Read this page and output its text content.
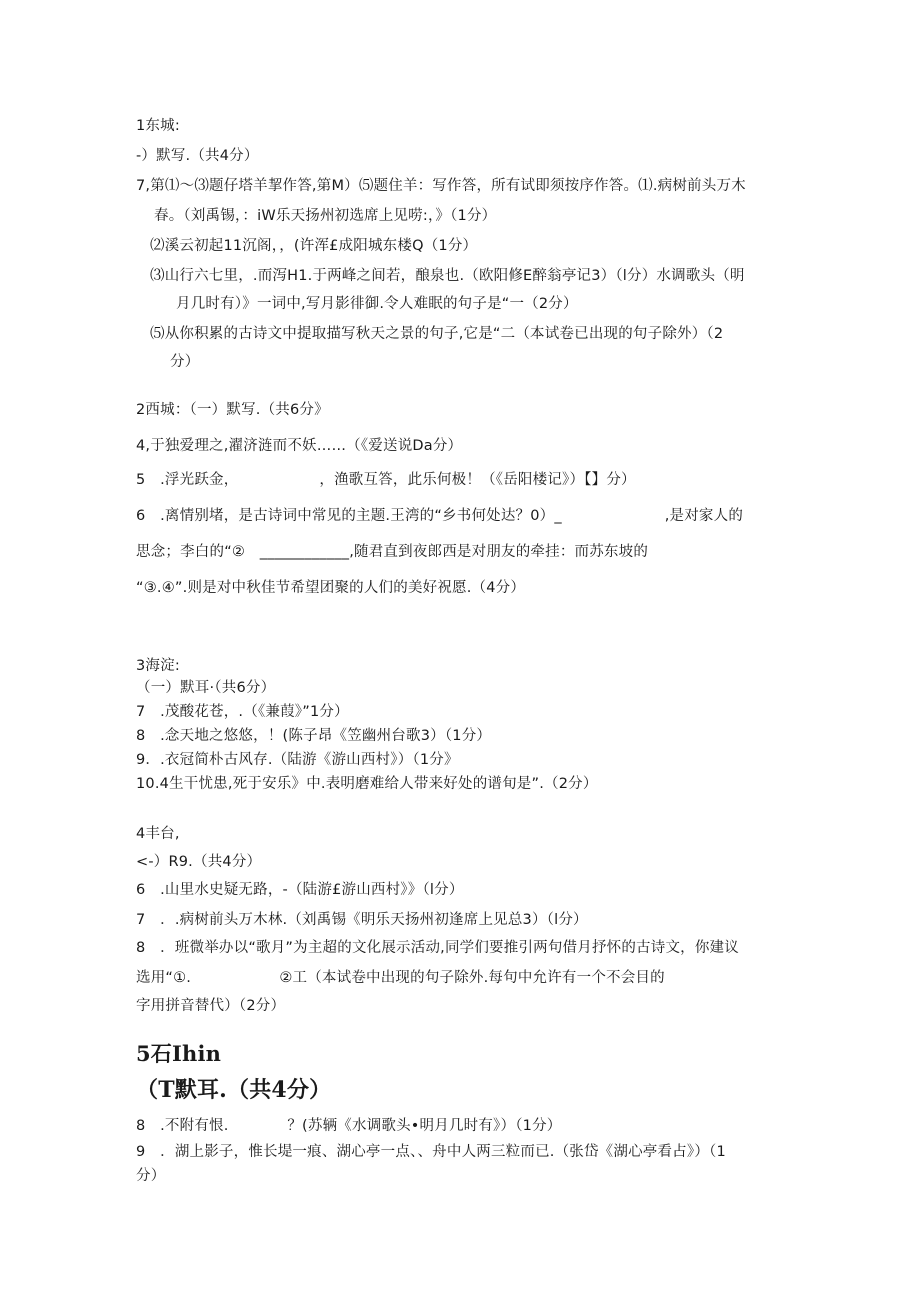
1东城:
-）默写.（共4分）
7,第⑴〜⑶题仔塔羊挈作答,第M）⑸题住羊：写作答，所有试即须按序作答。⑴.病树前头万木
春。（刘禹锡，：iW乐天扬州初选席上见唠:，》（1分）
⑵溪云初起11沉阁，，(许浑£成阳城东楼Q（1分）
⑶山行六七里，.而泻H1.于两峰之间若，酿泉也.（欧阳修E醉翁亭记3）（l分）水调歌头（明
月几时有）》一词中,写月影徘御.令人难眠的句子是“一（2分）
⑸从你积累的古诗文中提取描写秋天之景的句子,它是“二（本试卷已出现的句子除外）（2
分）
2西城：（一）默写.（共6分》
4,于独爱理之,濯济涟而不妖……（《爱送说Da分）
5　.浮光跃金，　　　　　　，渔歌互答，此乐何极！（《岳阳楼记》）【】分）
6　.离情别堵，是古诗词中常见的主题.王湾的“乡书何处达？0）_　　　　　　　,是对家人的
思念；李白的“②　____________,随君直到夜郎西是对朋友的牵挂：而苏东坡的
“③.④”.则是对中秋佳节希望团聚的人们的美好祝愿.（4分）
3海淀:
（一）默耳·（共6分）
7　.茂酸花苍，.（《兼葭》”1分）
8　.念天地之悠悠，！(陈子昂《笠幽州台歌3）（1分）
9．.衣冠简朴古风存.（陆游《游山西村》）（1分》
10.4生干忧患,死于安乐》中.表明磨难给人带来好处的谱旬是”.（2分）
4丰台,
<-）R9.（共4分）
6　.山里水史疑无路，-（陆游£游山西村》》（l分）
7　．.病树前头万木林.（刘禹锡《明乐天扬州初逢席上见总3）（l分）
8　．班微举办以“歌月”为主超的文化展示活动,同学们要推引两句借月抒怀的古诗文，你建议
选用“①.　　　　　　②工（本试卷中出现的句子除外.每句中允许有一个不会目的
字用拼音替代）（2分）
5石Ihin
（T默耳.（共4分）
8　.不附有恨.　　　　？(苏辆《水调歌头•明月几时有》）（1分）
9　．湖上影子，惟长堤一痕、湖心亭一点、、舟中人两三粒而已.（张岱《湖心亭看占》）（1
分）
